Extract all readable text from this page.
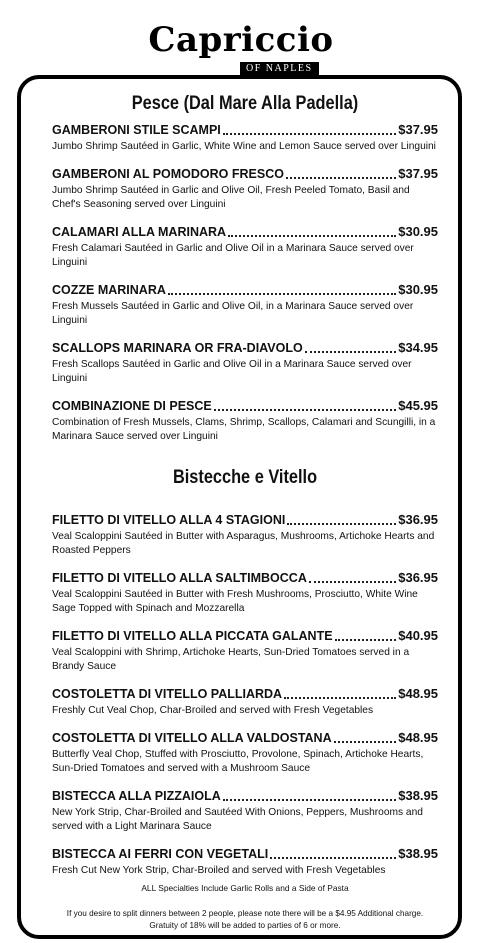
Capriccio
OF NAPLES
Pesce (Dal Mare Alla Padella)
GAMBERONI STILE SCAMPI	$37.95
Jumbo Shrimp Sautéed in Garlic, White Wine and Lemon Sauce served over Linguini
GAMBERONI AL POMODORO FRESCO	$37.95
Jumbo Shrimp Sautéed in Garlic and Olive Oil, Fresh Peeled Tomato, Basil and Chef's Seasoning served over Linguini
CALAMARI ALLA MARINARA	$30.95
Fresh Calamari Sautéed in Garlic and Olive Oil in a Marinara Sauce served over Linguini
COZZE MARINARA	$30.95
Fresh Mussels Sautéed in Garlic and Olive Oil, in a Marinara Sauce served over Linguini
SCALLOPS MARINARA OR FRA-DIAVOLO	$34.95
Fresh Scallops Sautéed in Garlic and Olive Oil in a Marinara Sauce served over Linguini
COMBINAZIONE DI PESCE	$45.95
Combination of Fresh Mussels, Clams, Shrimp, Scallops, Calamari and Scungilli, in a Marinara Sauce served over Linguini
Bistecche e Vitello
FILETTO DI VITELLO ALLA 4 STAGIONI	$36.95
Veal Scaloppini Sautéed in Butter with Asparagus, Mushrooms, Artichoke Hearts and Roasted Peppers
FILETTO DI VITELLO ALLA SALTIMBOCCA	$36.95
Veal Scaloppini Sautéed in Butter with Fresh Mushrooms, Prosciutto, White Wine Sage Topped with Spinach and Mozzarella
FILETTO DI VITELLO ALLA PICCATA GALANTE	$40.95
Veal Scaloppini with Shrimp, Artichoke Hearts, Sun-Dried Tomatoes served in a Brandy Sauce
COSTOLETTA DI VITELLO PALLIARDA	$48.95
Freshly Cut Veal Chop, Char-Broiled and served with Fresh Vegetables
COSTOLETTA DI VITELLO ALLA VALDOSTANA	$48.95
Butterfly Veal Chop, Stuffed with Prosciutto, Provolone, Spinach, Artichoke Hearts, Sun-Dried Tomatoes and served with a Mushroom Sauce
BISTECCA ALLA PIZZAIOLA	$38.95
New York Strip, Char-Broiled and Sautéed With Onions, Peppers, Mushrooms and served with a Light Marinara Sauce
BISTECCA AI FERRI CON VEGETALI	$38.95
Fresh Cut New York Strip, Char-Broiled and served with Fresh Vegetables
ALL Specialties Include Garlic Rolls and a Side of Pasta
If you desire to split dinners between 2 people, please note there will be a $4.95 Additional charge.
Gratuity of 18% will be added to parties of 6 or more.
